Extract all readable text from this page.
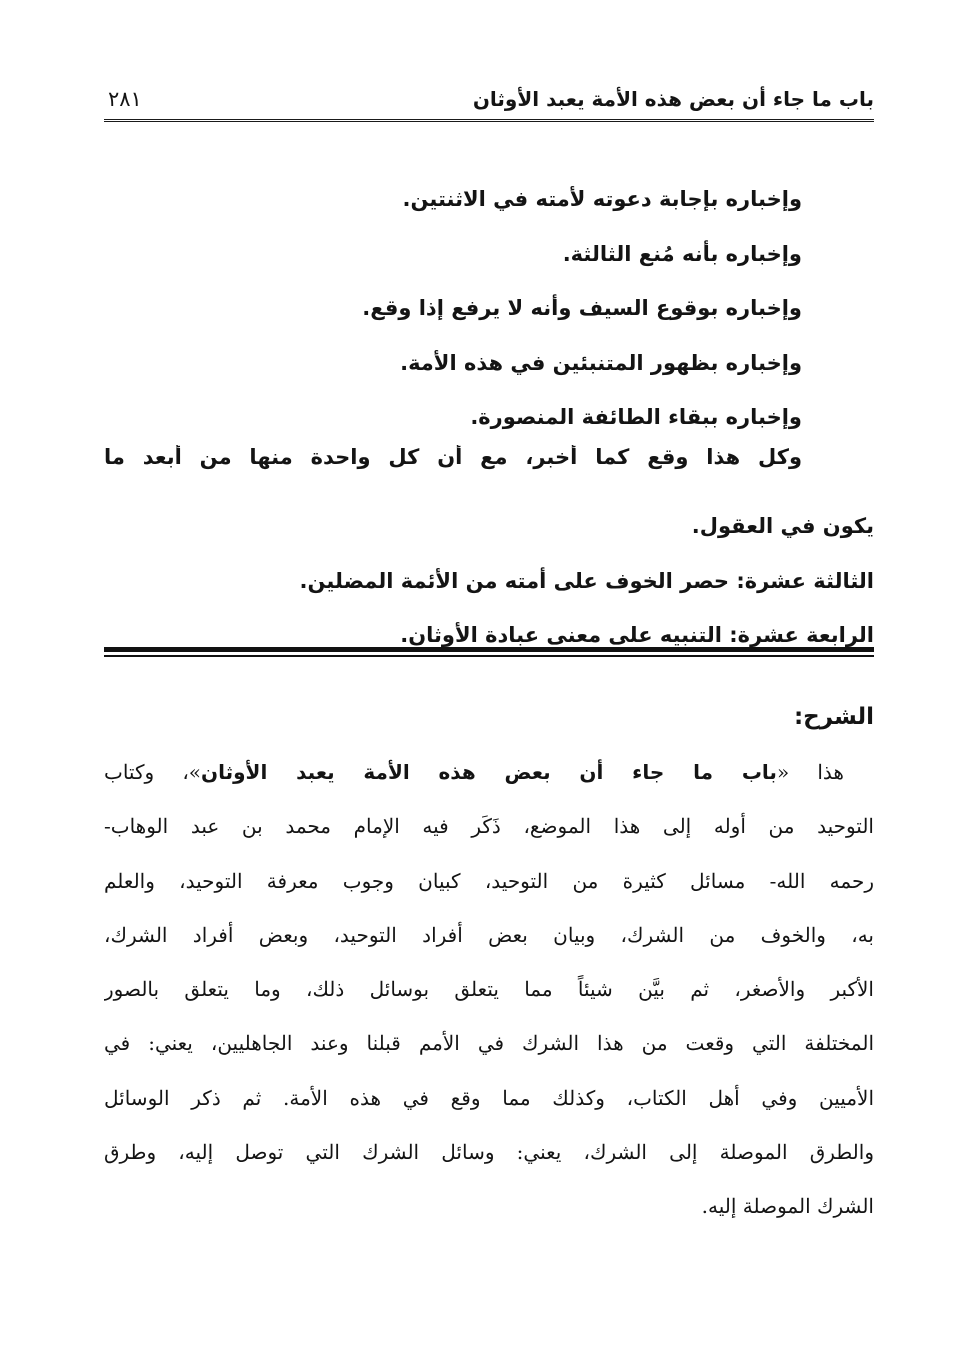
باب ما جاء أن بعض هذه الأمة يعبد الأوثان
٢٨١
وإخباره بإجابة دعوته لأمته في الاثنتين.
وإخباره بأنه مُنع الثالثة.
وإخباره بوقوع السيف وأنه لا يرفع إذا وقع.
وإخباره بظهور المتنبئين في هذه الأمة.
وإخباره ببقاء الطائفة المنصورة.
وكل هذا وقع كما أخبر، مع أن كل واحدة منها من أبعد ما
يكون في العقول.
الثالثة عشرة: حصر الخوف على أمته من الأئمة المضلين.
الرابعة عشرة: التنبيه على معنى عبادة الأوثان.
الشرح:
هذا «باب ما جاء أن بعض هذه الأمة يعبد الأوثان»، وكتاب
التوحيد من أوله إلى هذا الموضع، ذَكَر فيه الإمام محمد بن عبد الوهاب-
رحمه الله- مسائل كثيرة من التوحيد، كبيان وجوب معرفة التوحيد، والعلم
به، والخوف من الشرك، وبيان بعض أفراد التوحيد، وبعض أفراد الشرك،
الأكبر والأصغر، ثم بيَّن شيئاً مما يتعلق بوسائل ذلك، وما يتعلق بالصور
المختلفة التي وقعت من هذا الشرك في الأمم قبلنا وعند الجاهليين، يعني: في
الأميين وفي أهل الكتاب، وكذلك مما وقع في هذه الأمة. ثم ذكر الوسائل
والطرق الموصلة إلى الشرك، يعني: وسائل الشرك التي توصل إليه، وطرق
الشرك الموصلة إليه.
